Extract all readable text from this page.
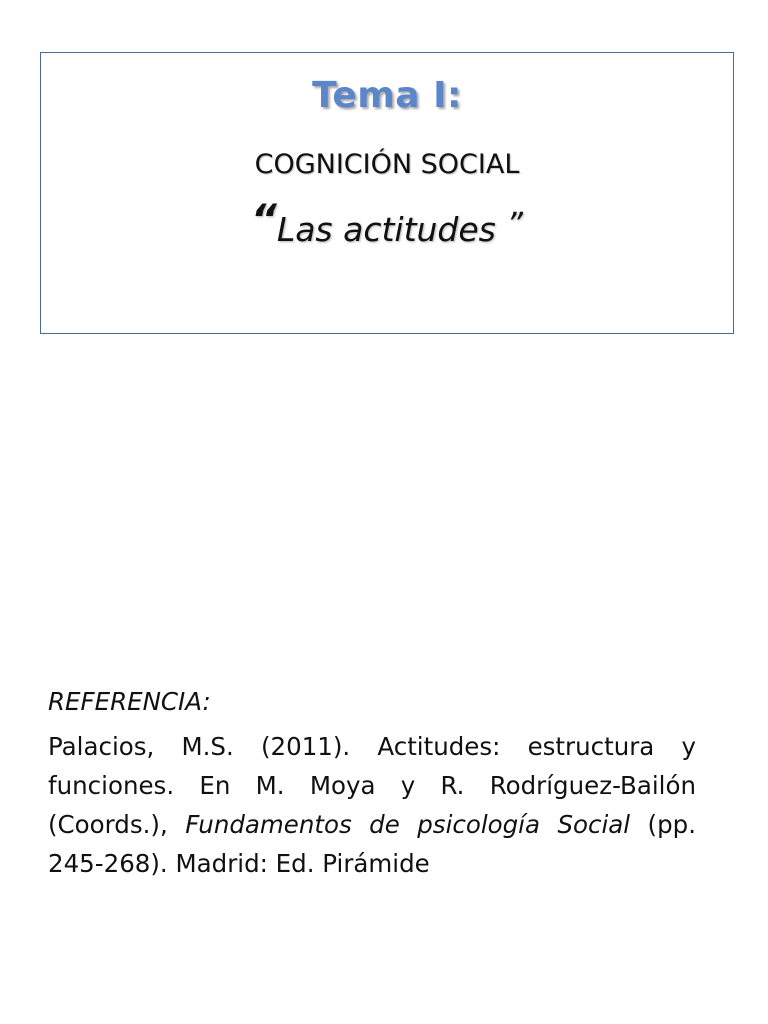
Tema I:
COGNICIÓN SOCIAL
“Las actitudes ”
REFERENCIA:
Palacios, M.S. (2011). Actitudes: estructura y funciones. En M. Moya y R. Rodríguez-Bailón (Coords.), Fundamentos de psicología Social (pp. 245-268). Madrid: Ed. Pirámide
